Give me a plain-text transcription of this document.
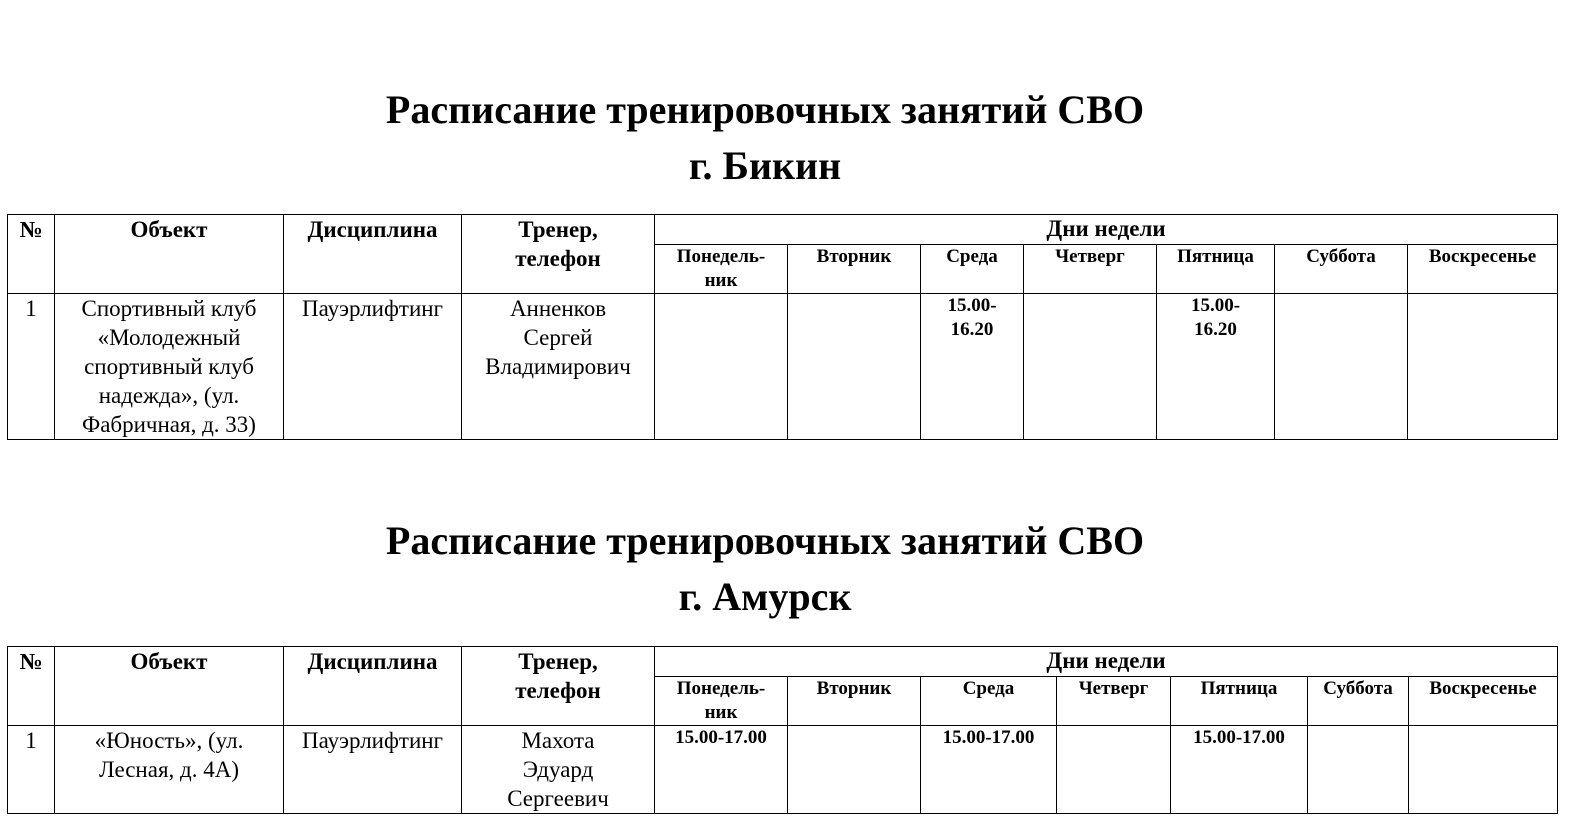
Расписание тренировочных занятий СВО
г. Бикин
№	Объект	Дисциплина	Тренер, телефон	Дни недели						
				Понедель-ник	Вторник	Среда	Четверг	Пятница	Суббота	Воскресенье
1	Спортивный клуб «Молодежный спортивный клуб надежда», (ул. Фабричная, д. 33)	Пауэрлифтинг	Анненков Сергей Владимирович			15.00-16.20		15.00-16.20		
Расписание тренировочных занятий СВО
г. Амурск
№	Объект	Дисциплина	Тренер, телефон	Дни недели						
				Понедель-ник	Вторник	Среда	Четверг	Пятница	Суббота	Воскресенье
1	«Юность», (ул. Лесная, д. 4А)	Пауэрлифтинг	Махота Эдуард Сергеевич	15.00-17.00		15.00-17.00		15.00-17.00		
